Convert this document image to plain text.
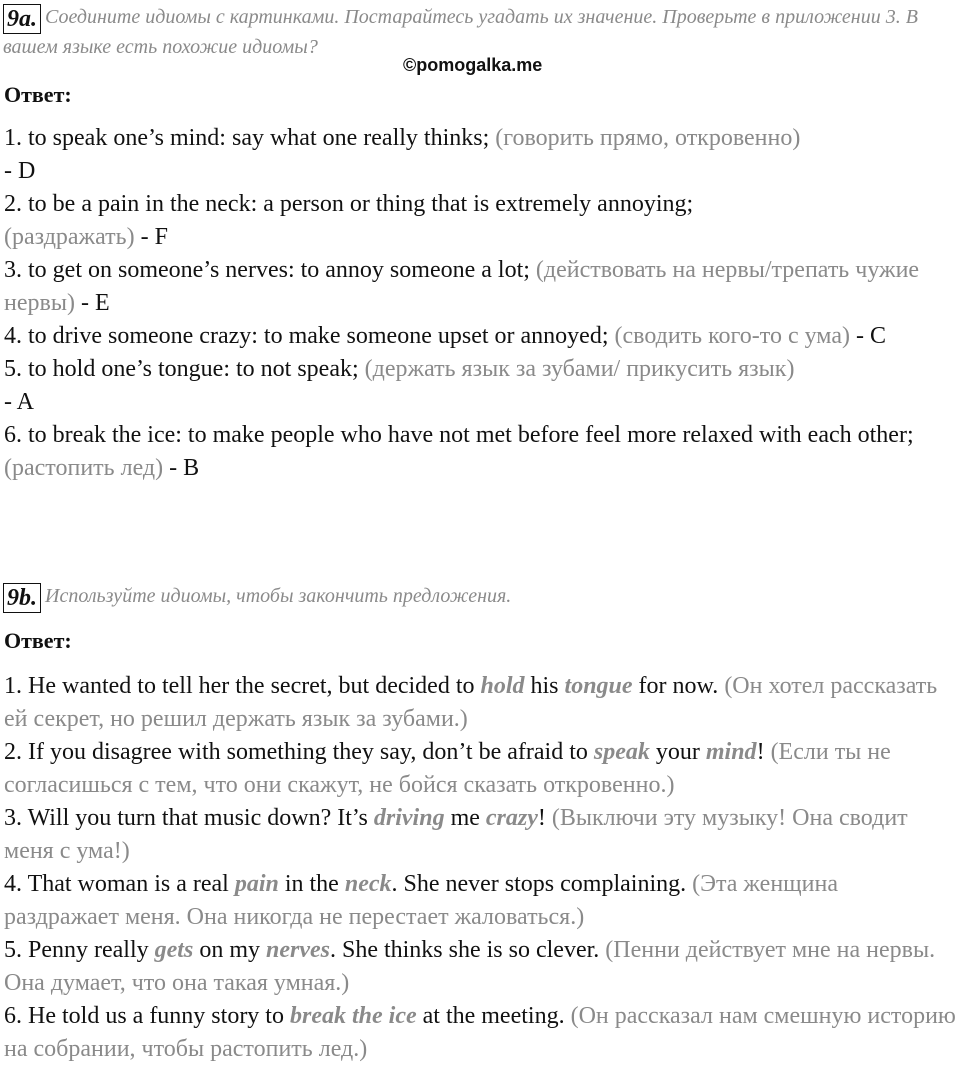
9a. Соедините идиомы с картинками. Постарайтесь угадать их значение. Проверьте в приложении 3. В вашем языке есть похожие идиомы?
©pomogalka.me
Ответ:

1. to speak one’s mind: say what one really thinks; (говорить прямо, откровенно)
- D

2. to be a pain in the neck: a person or thing that is extremely annoying;
(раздражать) - F

3. to get on someone’s nerves: to annoy someone a lot; (действовать на нервы/трепать чужие нервы) - E

4. to drive someone crazy: to make someone upset or annoyed; (сводить кого-то с ума) - C

5. to hold one’s tongue: to not speak; (держать язык за зубами/ прикусить язык)
- A

6. to break the ice: to make people who have not met before feel more relaxed with each other; (растопить лед) - B

9b. Используйте идиомы, чтобы закончить предложения.
Ответ:

1. He wanted to tell her the secret, but decided to hold his tongue for now. (Он хотел рассказать ей секрет, но решил держать язык за зубами.)

2. If you disagree with something they say, don’t be afraid to speak your mind! (Если ты не согласишься с тем, что они скажут, не бойся сказать откровенно.)

3. Will you turn that music down? It’s driving me crazy! (Выключи эту музыку! Она сводит меня с ума!)

4. That woman is a real pain in the neck. She never stops complaining. (Эта женщина раздражает меня. Она никогда не перестает жаловаться.)

5. Penny really gets on my nerves. She thinks she is so clever. (Пенни действует мне на нервы. Она думает, что она такая умная.)

6. He told us a funny story to break the ice at the meeting. (Он рассказал нам смешную историю на собрании, чтобы растопить лед.)
